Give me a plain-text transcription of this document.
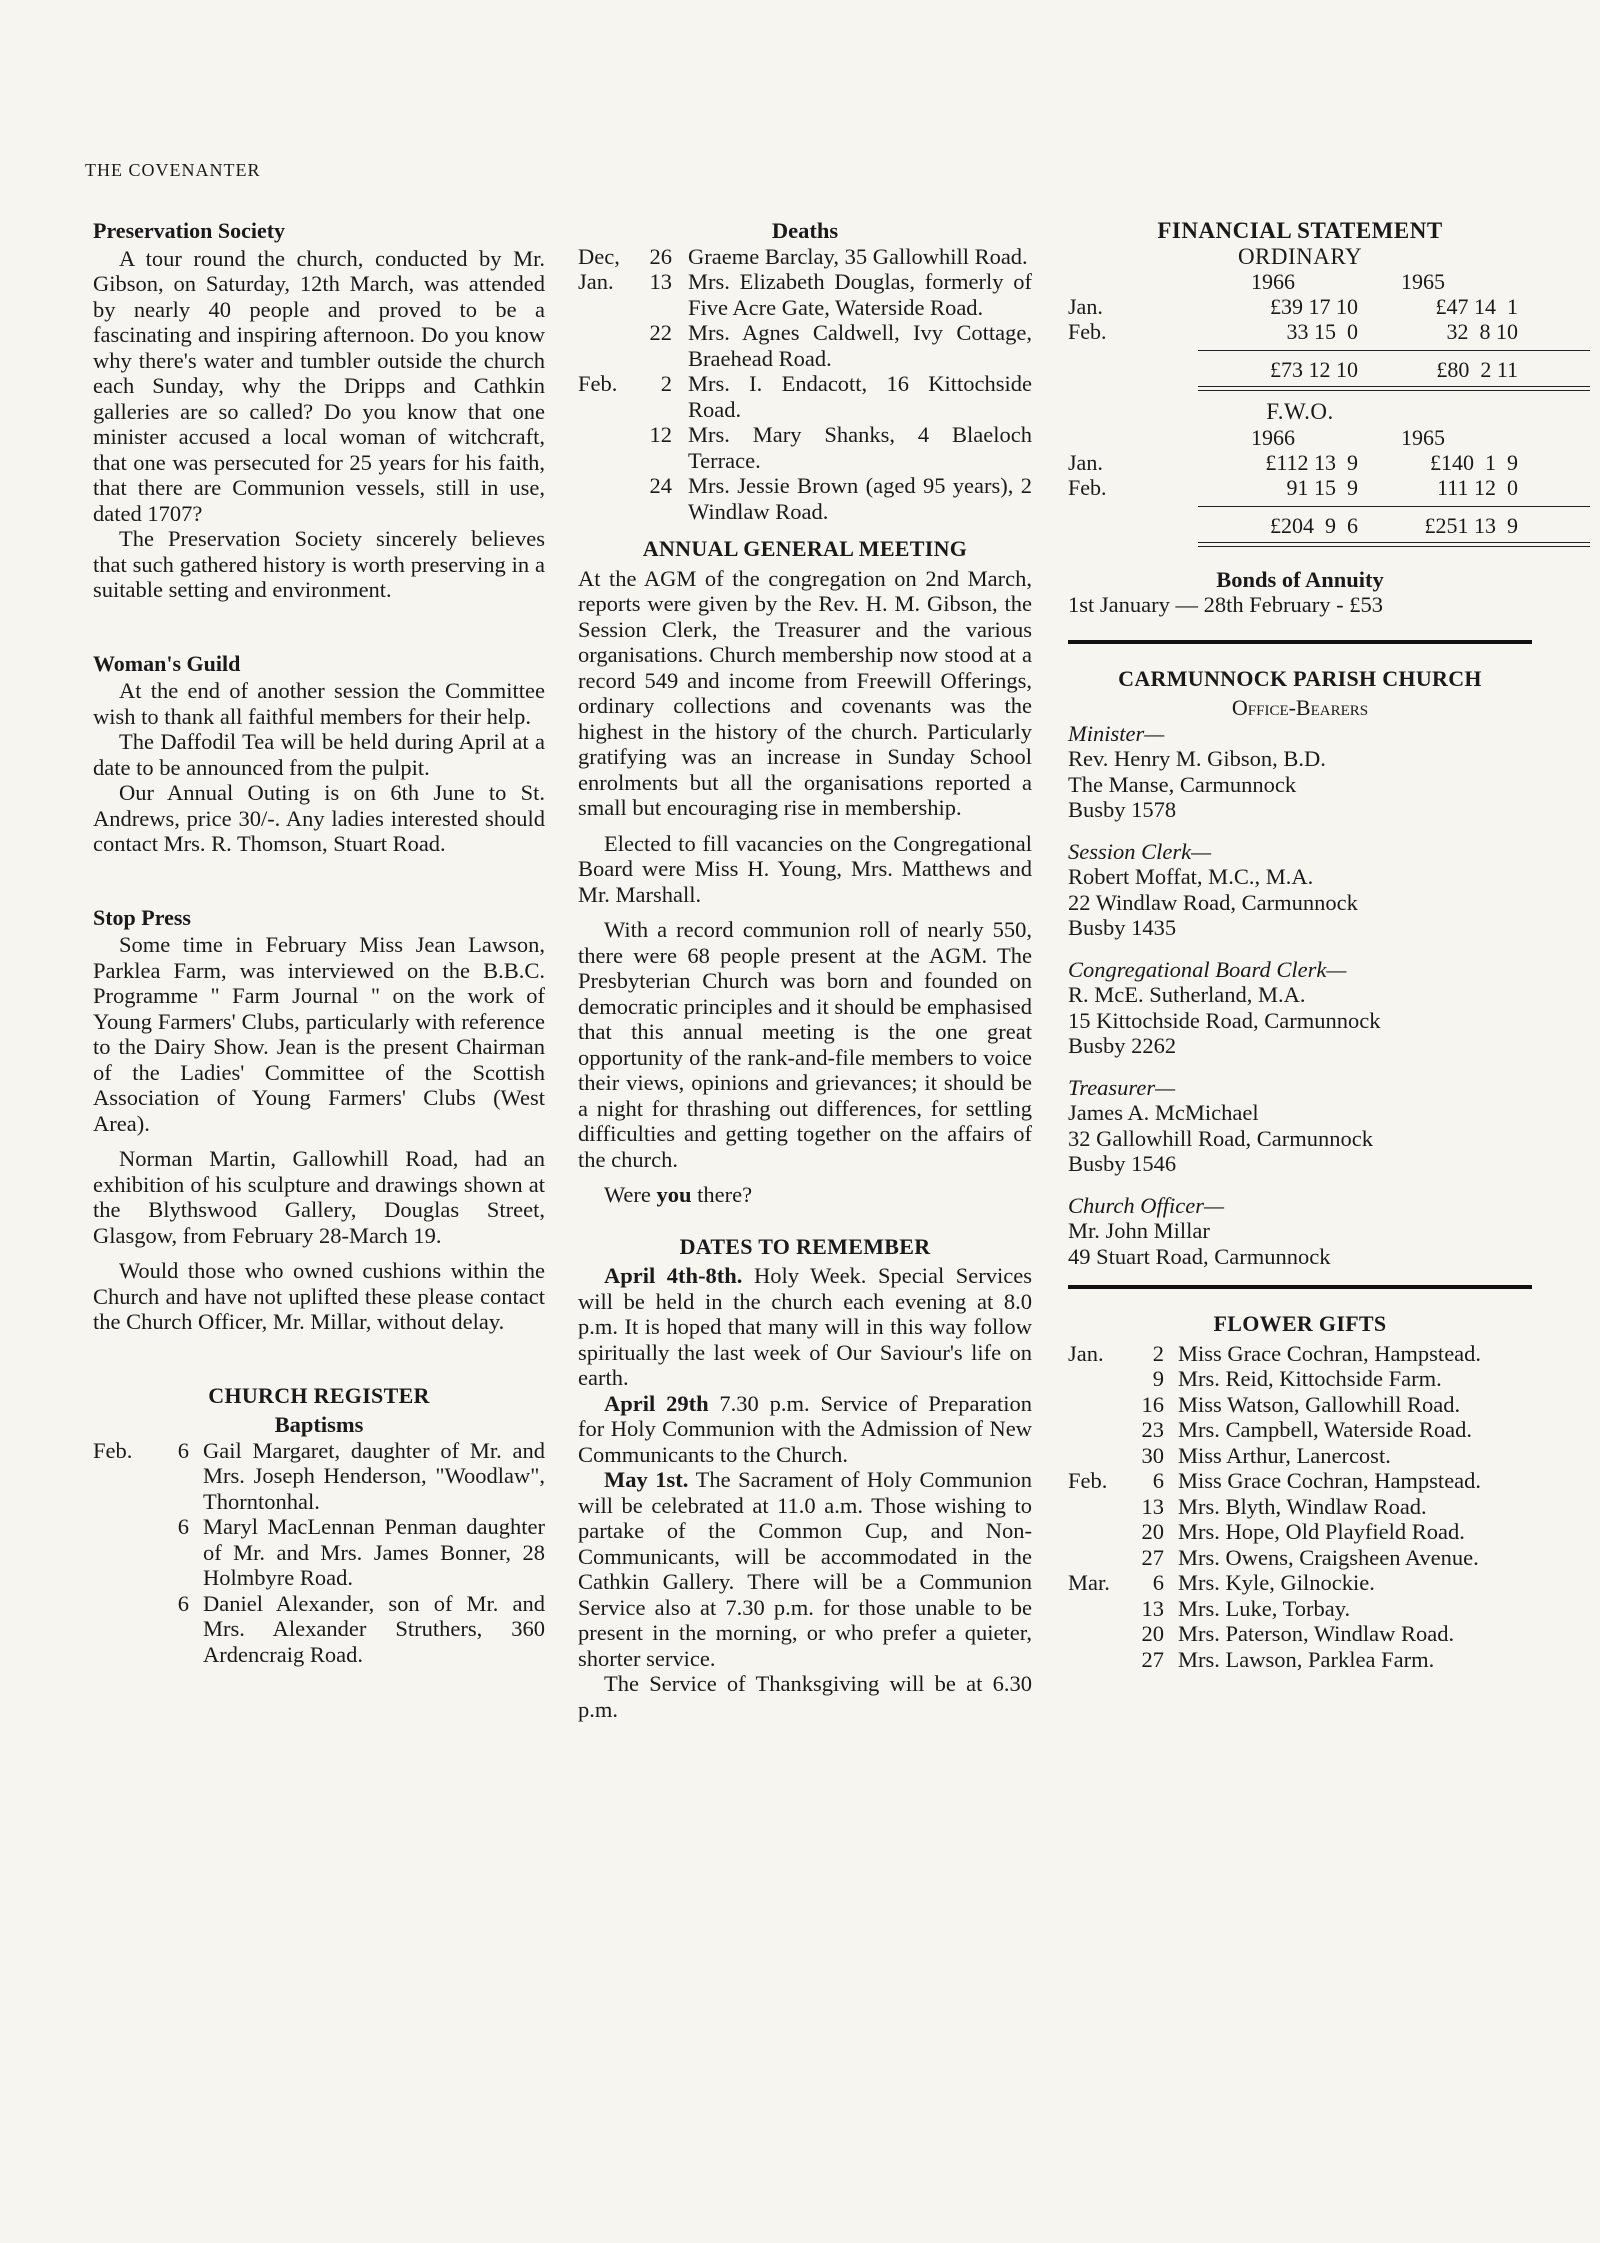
THE COVENANTER
Preservation Society

A tour round the church, conducted by Mr. Gibson, on Saturday, 12th March, was attended by nearly 40 people and proved to be a fascinating and inspiring afternoon. Do you know why there's water and tumbler outside the church each Sunday, why the Dripps and Cathkin galleries are so called? Do you know that one minister accused a local woman of witchcraft, that one was persecuted for 25 years for his faith, that there are Communion vessels, still in use, dated 1707?

The Preservation Society sincerely believes that such gathered history is worth preserving in a suitable setting and environment.

Woman's Guild

At the end of another session the Committee wish to thank all faithful members for their help.

The Daffodil Tea will be held during April at a date to be announced from the pulpit.

Our Annual Outing is on 6th June to St. Andrews, price 30/-. Any ladies interested should contact Mrs. R. Thomson, Stuart Road.

Stop Press

Some time in February Miss Jean Lawson, Parklea Farm, was interviewed on the B.B.C. Programme " Farm Journal " on the work of Young Farmers' Clubs, particularly with reference to the Dairy Show. Jean is the present Chairman of the Ladies' Committee of the Scottish Association of Young Farmers' Clubs (West Area).

Norman Martin, Gallowhill Road, had an exhibition of his sculpture and drawings shown at the Blythswood Gallery, Douglas Street, Glasgow, from February 28-March 19.

Would those who owned cushions within the Church and have not uplifted these please contact the Church Officer, Mr. Millar, without delay.

CHURCH REGISTER
Baptisms
Feb.	6 Gail Margaret, daughter of Mr. and Mrs. Joseph Henderson, "Woodlaw", Thorntonhal.
6 Maryl MacLennan Penman daughter of Mr. and Mrs. James Bonner, 28 Holmbyre Road.
6 Daniel Alexander, son of Mr. and Mrs. Alexander Struthers, 360 Ardencraig Road.
Deaths
Dec,	26 Graeme Barclay, 35 Gallowhill Road.
Jan.	13 Mrs. Elizabeth Douglas, formerly of Five Acre Gate, Waterside Road.
22 Mrs. Agnes Caldwell, Ivy Cottage, Braehead Road.
Feb.	2 Mrs. I. Endacott, 16 Kittochside Road.
12 Mrs. Mary Shanks, 4 Blaeloch Terrace.
24 Mrs. Jessie Brown (aged 95 years), 2 Windlaw Road.
ANNUAL GENERAL MEETING

At the AGM of the congregation on 2nd March, reports were given by the Rev. H. M. Gibson, the Session Clerk, the Treasurer and the various organisations. Church membership now stood at a record 549 and income from Freewill Offerings, ordinary collections and covenants was the highest in the history of the church. Particularly gratifying was an increase in Sunday School enrolments but all the organisations reported a small but encouraging rise in membership.

Elected to fill vacancies on the Congregational Board were Miss H. Young, Mrs. Matthews and Mr. Marshall.

With a record communion roll of nearly 550, there were 68 people present at the AGM. The Presbyterian Church was born and founded on democratic principles and it should be emphasised that this annual meeting is the one great opportunity of the rank-and-file members to voice their views, opinions and grievances; it should be a night for thrashing out differences, for settling difficulties and getting together on the affairs of the church.

Were you there?

DATES TO REMEMBER

April 4th-8th. Holy Week. Special Services will be held in the church each evening at 8.0 p.m. It is hoped that many will in this way follow spiritually the last week of Our Saviour's life on earth.

April 29th 7.30 p.m. Service of Preparation for Holy Communion with the Admission of New Communicants to the Church.

May 1st. The Sacrament of Holy Communion will be celebrated at 11.0 a.m. Those wishing to partake of the Common Cup, and Non-Communicants, will be accommodated in the Cathkin Gallery. There will be a Communion Service also at 7.30 p.m. for those unable to be present in the morning, or who prefer a quieter, shorter service.

The Service of Thanksgiving will be at 6.30 p.m.

FINANCIAL STATEMENT
ORDINARY
1966	1965
Jan.	£39 17 10	£47 14  1
Feb.	33 15  0	32  8 10
£73 12 10	£80  2 11
F.W.O.
1966	1965
Jan.	£112 13  9	£140  1  9
Feb.	91 15  9	111 12  0
£204  9  6	£251 13  9
Bonds of Annuity
1st January — 28th February - £53
CARMUNNOCK PARISH CHURCH
Office-Bearers
Minister—
Rev. Henry M. Gibson, B.D.
The Manse, Carmunnock
Busby 1578
Session Clerk—
Robert Moffat, M.C., M.A.
22 Windlaw Road, Carmunnock
Busby 1435
Congregational Board Clerk—
R. McE. Sutherland, M.A.
15 Kittochside Road, Carmunnock
Busby 2262
Treasurer—
James A. McMichael
32 Gallowhill Road, Carmunnock
Busby 1546
Church Officer—
Mr. John Millar
49 Stuart Road, Carmunnock
FLOWER GIFTS
Jan.	2 Miss Grace Cochran, Hampstead.
9 Mrs. Reid, Kittochside Farm.
16 Miss Watson, Gallowhill Road.
23 Mrs. Campbell, Waterside Road.
30 Miss Arthur, Lanercost.
Feb.	6 Miss Grace Cochran, Hampstead.
13 Mrs. Blyth, Windlaw Road.
20 Mrs. Hope, Old Playfield Road.
27 Mrs. Owens, Craigsheen Avenue.
Mar.	6 Mrs. Kyle, Gilnockie.
13 Mrs. Luke, Torbay.
20 Mrs. Paterson, Windlaw Road.
27 Mrs. Lawson, Parklea Farm.
